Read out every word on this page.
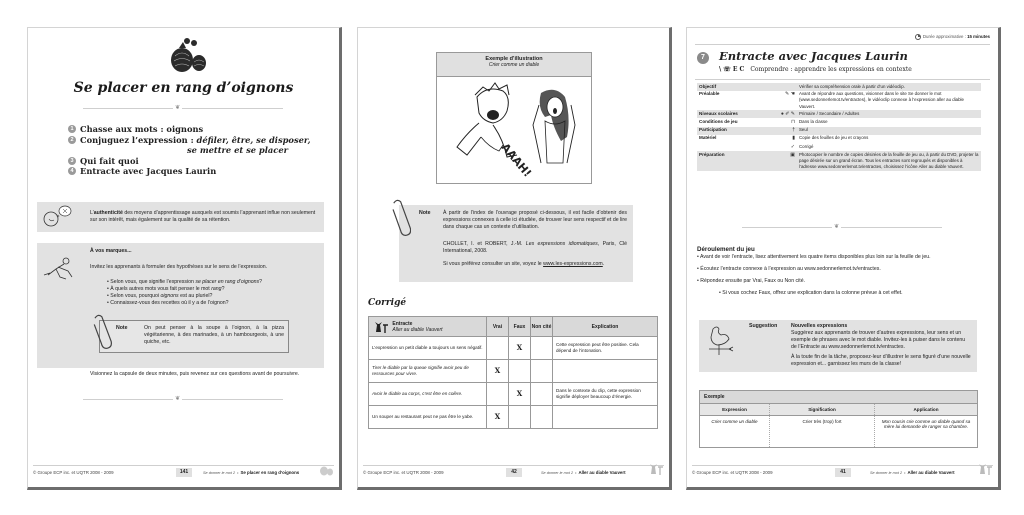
Se placer en rang d’oignons
❦
1 Chasse aux mots : oignons
2 Conjuguez l’expression : défiler, être, se disposer,
se mettre et se placer
3 Qui fait quoi
4 Entracte avec Jacques Laurin
L’authenticité des moyens d’apprentissage auxquels est soumis l’apprenant influe non seulement sur son intérêt, mais également sur la qualité de sa rétention.
À vos marques...
Invitez les apprenants à formuler des hypothèses sur le sens de l’expression.
• Selon vous, que signifie l’expression se placer en rang d’oignons?
• À quels autres mots vous fait penser le mot rang?
• Selon vous, pourquoi oignons est au pluriel?
• Connaissez-vous des recettes où il y a de l’oignon?
Note	On peut penser à la soupe à l’oignon, à la pizza végétarienne, à des marinades, à un hambourgeois, à une quiche, etc.
Visionnez la capsule de deux minutes, puis revenez sur ces questions avant de poursuivre.
❦
© Groupe ECP inc. et UQTR 2008 - 2009	141	Se donner le mot 2 • Se placer en rang d’oignons
Exemple d’illustration
Crier comme un diable
AAAH!
Note À partir de l’index de l’ouvrage proposé ci-dessous, il est facile d’obtenir des expressions connexes à celle ici étudiée, de trouver leur sens respectif et de lire dans chaque cas un contexte d’utilisation.
CHOLLET, I. et ROBERT, J.-M. Les expressions idiomatiques, Paris, Clé International, 2008.
Si vous préférez consulter un site, voyez le www.les-expressions.com.
Corrigé
Entracte
Aller au diable Vauvert	Vrai	Faux	Non cité	Explication
L’expression un petit diable a toujours un sens négatif.		X		Cette expression peut être positive. Cela dépend de l’intonation.
Tirer le diable par la queue signifie avoir peu de ressources pour vivre.	X			
Avoir le diable au corps, c’est être en colère.		X		Dans le contexte du clip, cette expression signifie déployer beaucoup d’énergie.
Un souper au restaurant peut ne pas être le yabe.	X			
© Groupe ECP inc. et UQTR 2008 - 2009	42	Se donner le mot 2 • Aller au diable Vauvert
Durée approximative : 15 minutes
7	Entracte avec Jacques Laurin
\ ☏ E C Comprendre : apprendre les expressions en contexte
Objectif		Vérifier sa compréhension orale à partir d’un vidéoclip.
Préalable	✎ ☚	Avant de répondre aux questions, visionner dans le site Se donner le mot (www.sedonnerlemot.tv/entractes), le vidéoclip connexe à l’expression aller au diable Vauvert.
Niveaux scolaires	● ✐ ✎	Primaire / Secondaire / Adultes
Conditions de jeu	⊓	Dans la classe
Participation	†	Seul
Matériel	▮	Copie des feuilles de jeu et crayons
	✓	Corrigé
Préparation	▣	Photocopier le nombre de copies désirées de la feuille de jeu ou, à partir du DVD, projeter la page désirée sur un grand écran. Tous les entractes sont regroupés et disponibles à l’adresse www.sedonnerlemot.tv/entractes, choisissez l’icône Aller au diable Vauvert.
❦
Déroulement du jeu
• Avant de voir l’entracte, lisez attentivement les quatre items disponibles plus loin sur la feuille de jeu.

• Écoutez l’entracte connexe à l’expression au www.sedonnerlemot.tv/entractes.

• Répondez ensuite par Vrai, Faux ou Non cité.

• Si vous cochez Faux, offrez une explication dans la colonne prévue à cet effet.

Suggestion	Nouvelles expressions

Suggérez aux apprenants de trouver d’autres expressions, leur sens et un exemple de phrases avec le mot diable. Invitez-les à puiser dans le contenu de l’Entracte au www.sedonnerlemot.tv/entractes.

À la toute fin de la tâche, proposez-leur d’illustrer le sens figuré d’une nouvelle expression et... garnissez les murs de la classe!

Exemple		
Expression	Signification	Application
Crier comme un diable	Crier très (trop) fort	Mon cousin crie comme un diable quand sa mère lui demande de ranger sa chambre.
© Groupe ECP inc. et UQTR 2008 - 2009	41	Se donner le mot 2 • Aller au diable Vauvert
